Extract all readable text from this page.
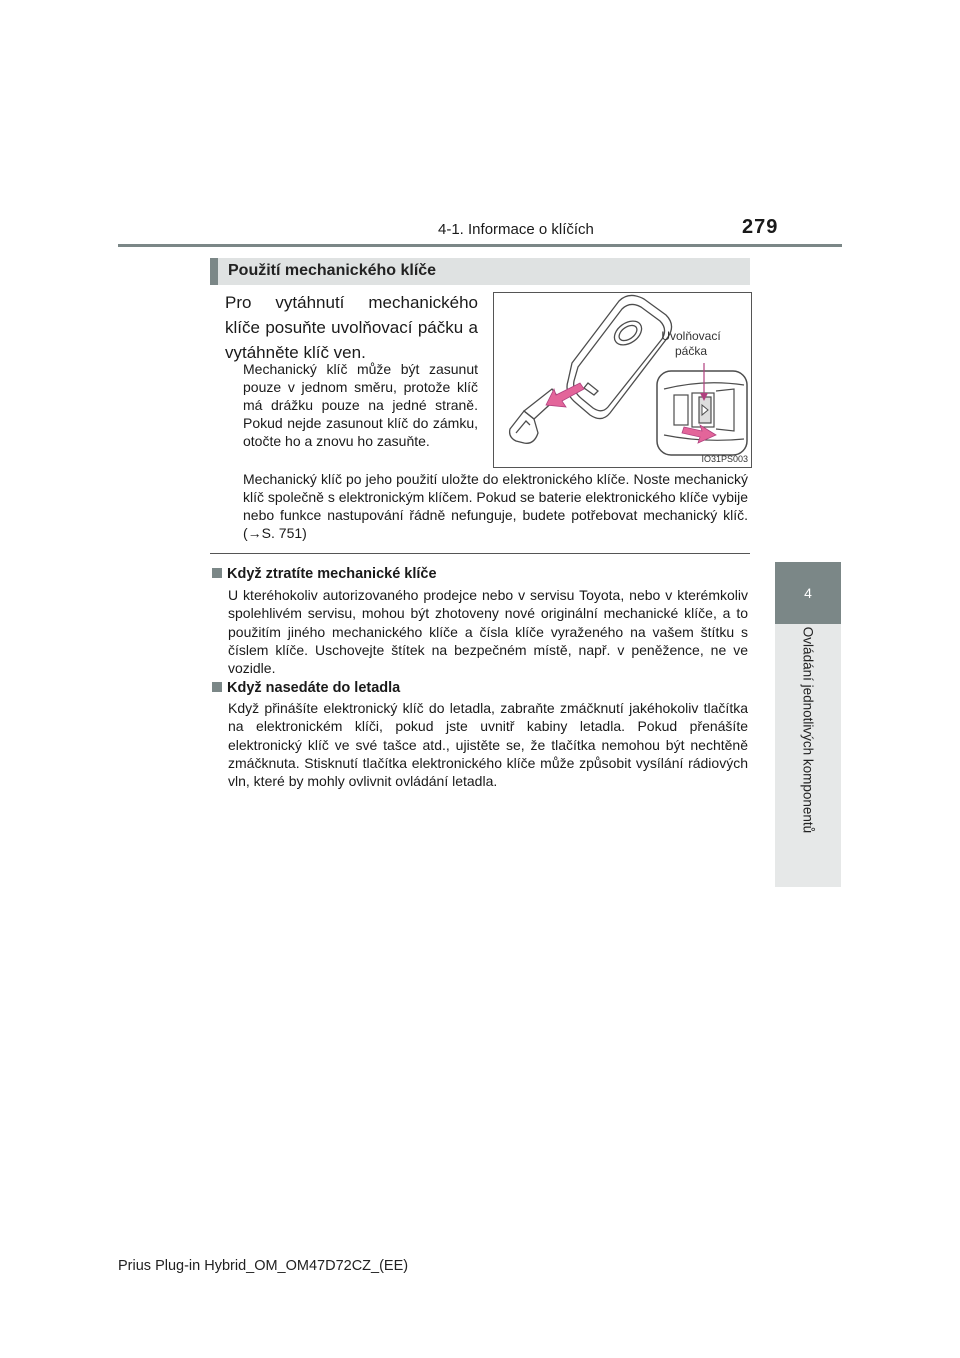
4-1. Informace o klíčích	279
4
Ovládání jednotlivých komponentů
Použití mechanického klíče
Pro vytáhnutí mechanického klíče posuňte uvolňovací páčku a vytáhněte klíč ven.
Mechanický klíč může být zasunut pouze v jednom směru, protože klíč má drážku pouze na jedné straně. Pokud nejde zasunout klíč do zámku, otočte ho a znovu ho zasuňte.
Uvolňovací
páčka
IO31PS003
Mechanický klíč po jeho použití uložte do elektronického klíče. Noste mechanický klíč společně s elektronickým klíčem. Pokud se baterie elektronického klíče vybije nebo funkce nastupování řádně nefunguje, budete potřebovat mechanický klíč. (→S. 751)
Když ztratíte mechanické klíče
U kteréhokoliv autorizovaného prodejce nebo v servisu Toyota, nebo v kterémkoliv spolehlivém servisu, mohou být zhotoveny nové originální mechanické klíče, a to použitím jiného mechanického klíče a čísla klíče vyraženého na vašem štítku s číslem klíče. Uschovejte štítek na bezpečném místě, např. v peněžence, ne ve vozidle.
Když nasedáte do letadla
Když přinášíte elektronický klíč do letadla, zabraňte zmáčknutí jakéhokoliv tlačítka na elektronickém klíči, pokud jste uvnitř kabiny letadla. Pokud přenášíte elektronický klíč ve své tašce atd., ujistěte se, že tlačítka nemohou být nechtěně zmáčknuta. Stisknutí tlačítka elektronického klíče může způsobit vysílání rádiových vln, které by mohly ovlivnit ovládání letadla.
Prius Plug-in Hybrid_OM_OM47D72CZ_(EE)
